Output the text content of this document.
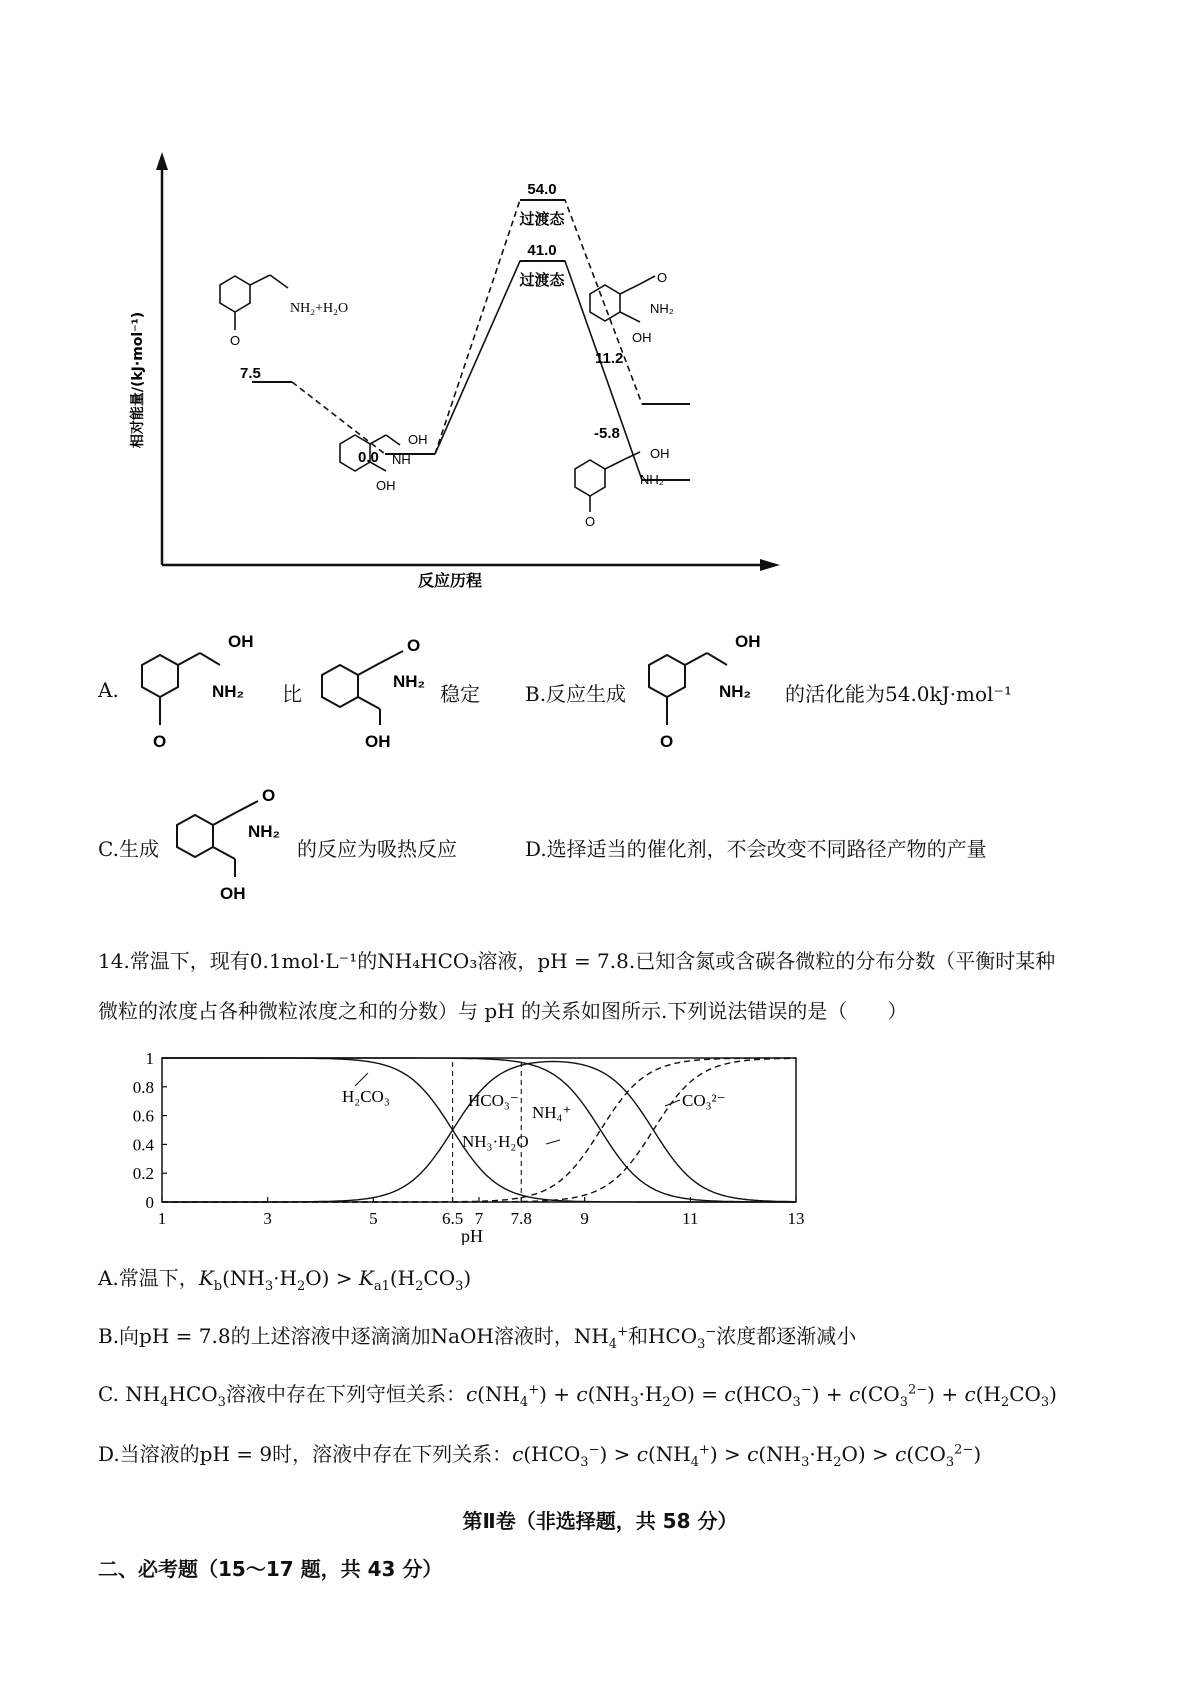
54.0
过渡态
41.0
过渡态
7.5
0.0
11.2
-5.8
反应历程
相对能量/(kJ·mol⁻¹)
NH₂+H₂O
O
OH
NH
OH
O
NH₂
OH
OH
NH₂
O
A.
OH
NH₂
O
比
O
NH₂
OH
稳定 B.反应生成
OH
NH₂
O
的活化能为54.0kJ·mol⁻¹
C.生成
O
NH₂
OH
的反应为吸热反应	D.选择适当的催化剂，不会改变不同路径产物的产量
14.常温下，现有0.1mol·L⁻¹的NH₄HCO₃溶液，pH = 7.8.已知含氮或含碳各微粒的分布分数（平衡时某种
微粒的浓度占各种微粒浓度之和的分数）与 pH 的关系如图所示.下列说法错误的是（　　）
1	3	5	6.5 7 7.8	9	11	13
0
0.2
0.4
0.6
0.8
1
pH
H₂CO₃	HCO₃⁻
NH₄⁺
NH₃·H₂O
CO₃²⁻
A.常温下，$K_b(NH_3\cdot H_2O) > K_{a1}(H_2CO_3)$
B.向pH = 7.8的上述溶液中逐滴滴加NaOH溶液时，$NH_4^+$和$HCO_3^-$浓度都逐渐减小
C. $NH_4HCO_3$溶液中存在下列守恒关系：$c(NH_4^+) + c(NH_3\cdot H_2O) = c(HCO_3^-) + c(CO_3^{2-}) + c(H_2CO_3)$
D.当溶液的pH = 9时，溶液中存在下列关系：$c(HCO_3^-) > c(NH_4^+) > c(NH_3\cdot H_2O) > c(CO_3^{2-})$
第Ⅱ卷（非选择题，共 58 分）
二、必考题（15～17 题，共 43 分）
